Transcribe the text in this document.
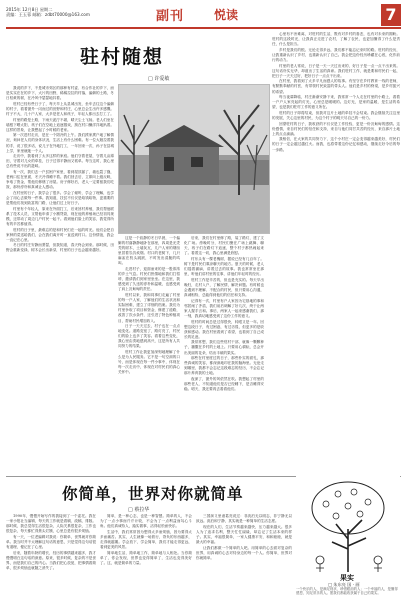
2015年 12月8日 星期二
责编：王玉蓉 邮箱：zdbt70000@163.com	副刊 悦读	7
驻村随想
□ 许爱敏

我说的乡下，不是城市郊区的那种有村委、有合作社的乡下，而是实实在在的乡下，大片的田野，稀稀拉拉的村落，偏僻的土路，冬日枯黄的树，在冷风中瑟瑟地抖着。

驻村已经有些日子了，每天早上从县城出发，坐车去往这个偏僻的村子，看着窗外一闪而过的田野和村庄，心里总会生出许多感慨。村子不大，几十户人家，大多是老人和孩子，年轻人都出去打工了。

村里的路是土路，下雨天泥泞不堪，晴天尘土飞扬。老人们坐在墙根下晒太阳，孩子们在空地上追逐嬉戏，狗在村口懒洋洋地趴着。这样的景象，让我想起了小时候的老家。

第一次进村走访，是在一个阴冷的上午。我们挨家挨户地了解情况，询问老人们的身体状况，生活上有什么困难。有一位大娘拉着我的手，说了很多话，说儿子在外地打工，一年回来一次，孙子在县城上学，家里就她一个人。

走访中，我看到了太多这样的家庭。他们守着老屋，守着几亩薄田，守着对儿女的牵挂，日子过得平静而又孤单。每当这时，我心里总有些说不出的滋味。

有一次，我们去一户贫困户家里，看到屋顶漏了，墙也裂了缝，老两口住在里面，冬天冷得睡不着。我们回去后，立即向上级反映，争取了资金，帮他们修缮了房屋。房子修好后，老人一定要留我们吃饭，那份淳朴和真诚让人感动。

在村里的日子，我学会了很多。学会了倾听，学会了理解，也学会了用心去做每一件事。我知道，扶贫不仅仅是给钱给物，更重要的是帮他们找到致富的门路，让他们过上好日子。

村里有个年轻人，原来在外面打工，后来回村养殖，我们帮他联系了技术人员，又帮他申请了小额贷款，现在他的养殖场已经初具规模，还带动了周边几户村民一起干。看到他们脸上的笑容，我觉得所有的辛苦都值得。

驻村的日子里，最难忘的是和村民们在一起的时光。他们会把自家种的菜送给我们，会在我们离开时一直送到村口。这份情谊，我会一直记在心里。

冬日的村庄安静而萧瑟，但我知道，春天终会到来。那时候，田野会重新变绿，树木会长出新芽，村里的日子也会越来越好。

后来，我们在村里修了路，装了路灯，建了文化广场。傍晚时分，村民们聚在广场上跳舞、聊天，孩子们在路灯下追逐，整个村子都热闹起来了。看着这一切，我心里满是欣慰。

村东头有一棵老槐树，据说已经有几百年了。树下是村民们乘凉聊天的地方。夏天的时候，老人们摇着蒲扇，讲着过去的故事。我也常常坐在那里，听他们讲村里的往事，讲他们年轻时的经历。

驻村工作是辛苦的，但也是充实的。每天早出晚归，走村入户，了解民情，解决问题。有时候也会遇到不理解、不配合的村民，但只要用心沟通，真诚相待，总能得到他们的信任和支持。

记得有一次，村里有户人家因为宅基地的事和邻居闹了矛盾，我们前后调解了好几次，终于让两家人握手言和。事后，两家人一起来感谢我们，那一刻，我真切地感受到了这份工作的意义。

驻村的时间总是过得很快，转眼又是一年。回想这段日子，有过困惑，有过彷徨，但更多的是收获和感动。我在村里看到了希望，也看到了自己成长的足迹。

我常常想，我们这些驻村干部，就像一颗颗种子，播撒在乡村的土地上。只要用心耕耘，总会开出美丽的花朵，结出丰硕的果实。

那些在村里度过的日子，那些朴实的面孔，那些真诚的笑容，都深深地印在我的脑海里。无论走到哪里，我都不会忘记这段难忘的经历，不会忘记那片养育我的土地。

夜深了，窗外的风依然在吹。我想起了村里的那些老人，不知道他们是否已经睡下，是否睡得安稳。明天，我还要再去看看他们。

这是一个寂静的冬日早晨，一个偏僻的村落静静地卧在那里，四周是光秃秃的树木，土墙灰瓦，几户人家的烟囱里冒着袅袅炊烟。村口的老树下，几只麻雀在枝头跳跃，不时发出清脆的鸣叫。

走进村子，迎面而来的是一股浓浓的乡土气息。村民们热情地和我们打招呼，邀请我们到家里坐坐。在这里，我感受到了久违的淳朴和温暖，也感受到了肩上沉甸甸的责任。

驻村以来，我和同事们走遍了村里的每一户人家，了解他们的生活状况和实际困难，建立了详细的档案。我们为村里争取了项目和资金，修建了道路，改善了饮水条件，还引进了特色种植项目，帮助村民增加收入。

日子一天天过去，村子也在一点点地变化。道路变宽了，路灯亮了，村民们的脸上也多了笑容。看着这些变化，我心里由衷地感到高兴，这是所有人共同努力的结果。

驻村工作让我更加深刻地理解了什么是为人民服务。它不是一句空洞的口号，而是体现在每一件小事中，体现在每一次走访中，体现在对村民们的真心关怀中。

心里有不舍难离，对驻村的生活，既有对乡村的眷恋，也有对未来的期盼。驻村的这段时光，让我真正走进了农村，了解了农民，也更加懂得了什么是责任，什么是担当。

乡村是我们的根。无论走得多远，我们都不能忘记来时的路。驻村的经历，让我重新认识了乡村，也重新认识了自己。我会把这份经历珍藏在心底，化作前行的动力。

村里的老人常说，日子是一天一天过出来的，好日子是一点一点干出来的。这句话朴实无华，却道出了生活的真谛。我们驻村工作，就是要和村民们一起，把日子一天天过好，把好日子一点点干出来。

在村里，我看到了太多平凡而感人的故事。有坚守在乡村教育一线的老师，有默默奉献的村医，有带领村民致富的带头人。他们是乡村的脊梁，是乡村振兴的希望。

每当夜幕降临，村庄渐渐安静下来，我常常一个人走在村里的小路上，看着一户户人家亮起的灯光，心里总是暖暖的。这灯光，是家的温暖，是生活的希望，也是我们驻村工作的意义所在。

驻村的日子即将结束，但我对这片土地的牵挂不会结束。我会继续关注这里的发展，关心这里的村民，为这个村子的明天尽自己的一份力。

回望驻村的日子，我收获的不仅仅是工作经验，更是一份沉甸甸的感情。这份感情，来自村民们的信任和支持，来自与他们同甘共苦的经历，来自那片土地上的点点滴滴。

我相信，在大家的共同努力下，这个小村庄一定会变得越来越美好，村民们的日子一定会越过越红火。而我，也将带着这份记忆和感动，继续走好今后的每一步路。

你简单，世界对你就简单
□ 蔡拉华

1990年，慢慢开始写作的我接到了一个委托。我在一家小报社当编辑，每天的工作就是看稿、改稿、排版。那时候，我总觉得生活很复杂，人际关系很复杂，工作也很复杂，每天都忙得焦头烂额，心里总是有很多烦恼。

有一天，一位老编辑对我说：你简单，世界就对你简单。我当时并不太理解这句话的意思，只是觉得这句话很有道理，便记在了心里。

后来，随着年龄的增长，经历的事情越来越多，我才慢慢明白这句话的深意。原来，很多时候，复杂的不是世界，而是我们自己的内心。当我们把心放宽，把事情看简单，很多烦恼也就随之消失了。

简单，是一种心态，也是一种智慧。简单的人，不会为了一点小事而斤斤计较，不会为了一点利益而勾心斗角。他们真诚待人，踏实做事，活得轻松而快乐。

生活中，我们常常因为想得太多而烦恼，因为要得太多而痛苦。其实，人生就像一场旅行，背负的东西越多，走得就越累。学会放下，学会简单，我们才能走得更远，看到更美的风景。

简单地生活，简单地工作，简单地与人相处。当你简单了，你会发现，世界也变得简单了，生活也变得美好了。这，就是简单的力量。

三国演义里诸葛亮说过：非淡泊无以明志，非宁静无以致远。淡泊和宁静，其实就是一种简单的生活态度。

现在的人们，生活节奏越来越快，压力越来越大。很多人为了追求名利，整天忙忙碌碌，却忘记了生活本来的样子。其实，幸福很简单，一家人健康平安，和和睦睦，就是最大的幸福。

让我们都做一个简单的人吧。用简单的心去面对复杂的世界，用真诚的心去对待身边的每一个人。你简单，世界对你就简单。

果实
□ 朱东亮 国 · 画
一个快乐的人，是满足现状、珍惜眼前的人；一个幸福的人，是懂得感恩、知足常乐的人。愿我们都能收获属于自己的果实。
